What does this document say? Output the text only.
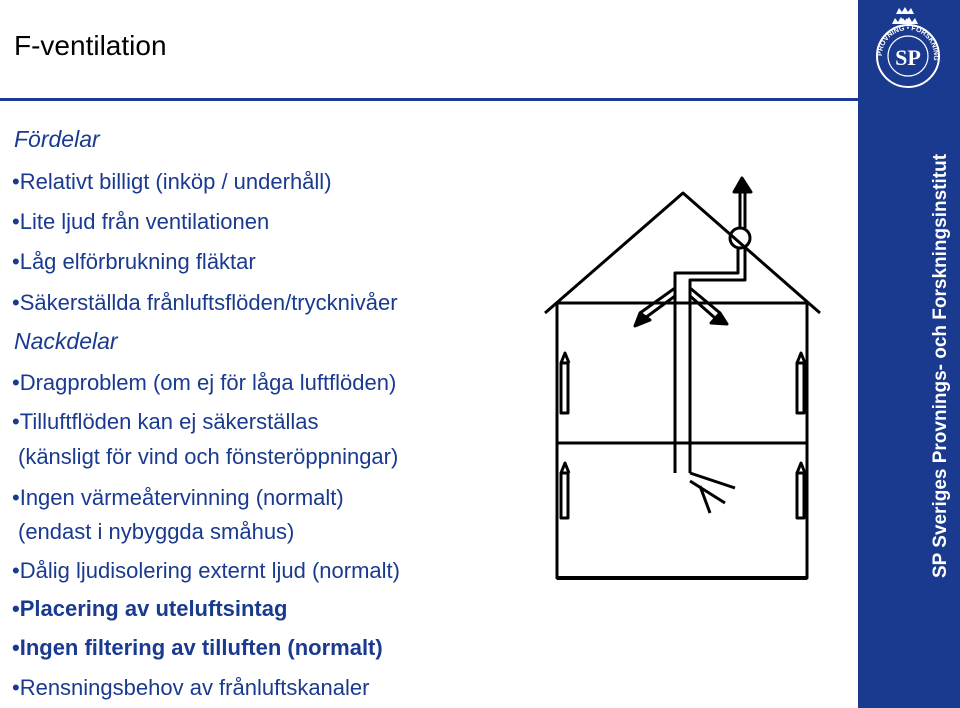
F-ventilation
SP Sveriges Provnings- och Forskningsinstitut
SP
PROVNING • FORSKNING
Fördelar
•Relativt billigt (inköp / underhåll)
•Lite ljud från ventilationen
•Låg elförbrukning fläktar
•Säkerställda frånluftsflöden/trycknivåer
Nackdelar
•Dragproblem (om ej för låga luftflöden)
•Tilluftflöden kan ej säkerställas
(känsligt för vind och fönsteröppningar)
•Ingen värmeåtervinning (normalt)
(endast i nybyggda småhus)
•Dålig ljudisolering externt ljud (normalt)
•Placering av uteluftsintag
•Ingen filtering av tilluften (normalt)
•Rensningsbehov av frånluftskanaler
